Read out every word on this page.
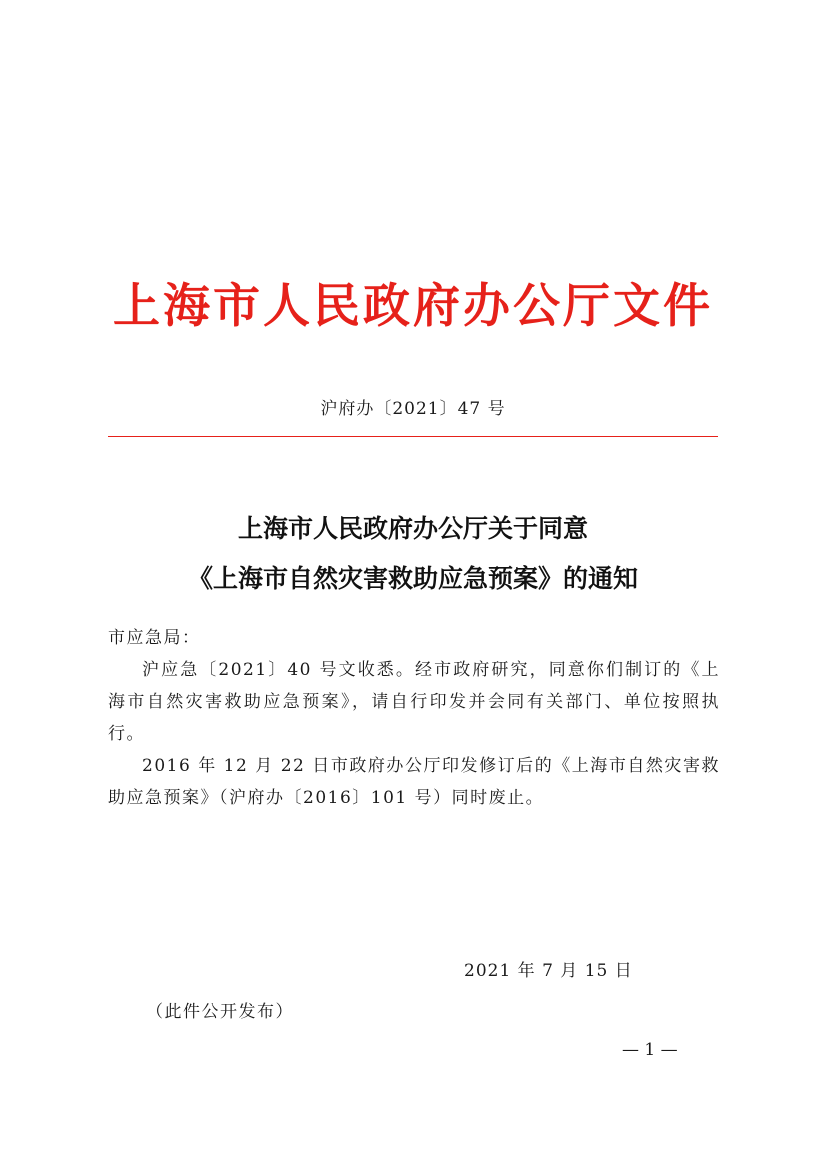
上海市人民政府办公厅文件
沪府办〔2021〕47 号
上海市人民政府办公厅关于同意
《上海市自然灾害救助应急预案》的通知
市应急局：

沪应急〔2021〕40 号文收悉。经市政府研究，同意你们制订的《上海市自然灾害救助应急预案》，请自行印发并会同有关部门、单位按照执行。

2016 年 12 月 22 日市政府办公厅印发修订后的《上海市自然灾害救助应急预案》（沪府办〔2016〕101 号）同时废止。

2021 年 7 月 15 日
（此件公开发布）
— 1 —
